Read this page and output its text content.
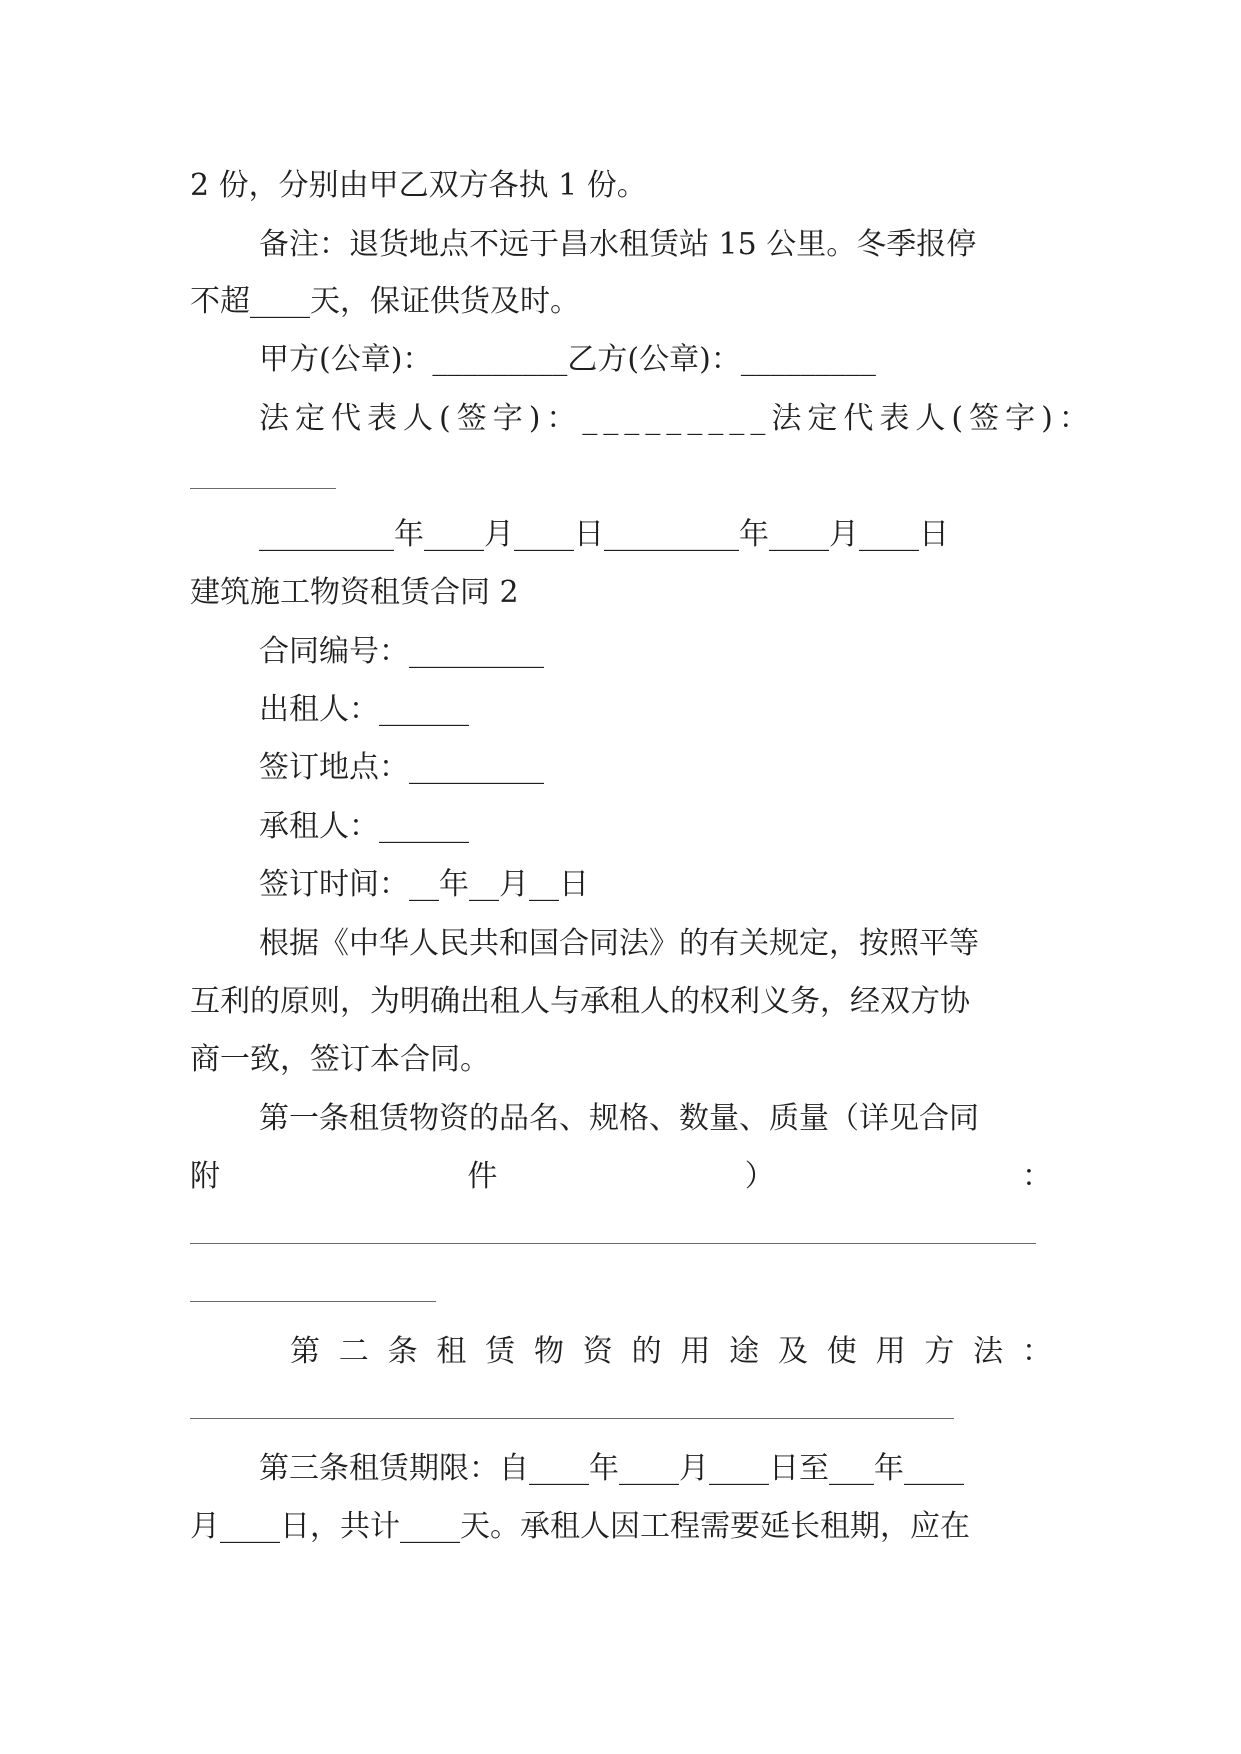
2 份，分别由甲乙双方各执 1 份。
备注：退货地点不远于昌水租赁站 15 公里。冬季报停
不超____天，保证供货及时。
甲方(公章)：_________乙方(公章)：_________
法定代表人(签字)：_________法定代表人(签字)：
_________年____月____日_________年____月____日
建筑施工物资租赁合同 2
合同编号：_________
出租人：______
签订地点：_________
承租人：______
签订时间：__年__月__日
根据《中华人民共和国合同法》的有关规定，按照平等
互利的原则，为明确出租人与承租人的权利义务，经双方协
商一致，签订本合同。
第一条租赁物资的品名、规格、数量、质量（详见合同
附	件	）	：
第 二 条 租 赁 物 资 的 用 途 及 使 用 方 法 ：
第三条租赁期限：自____年____月____日至___年____
月____日，共计____天。承租人因工程需要延长租期，应在
